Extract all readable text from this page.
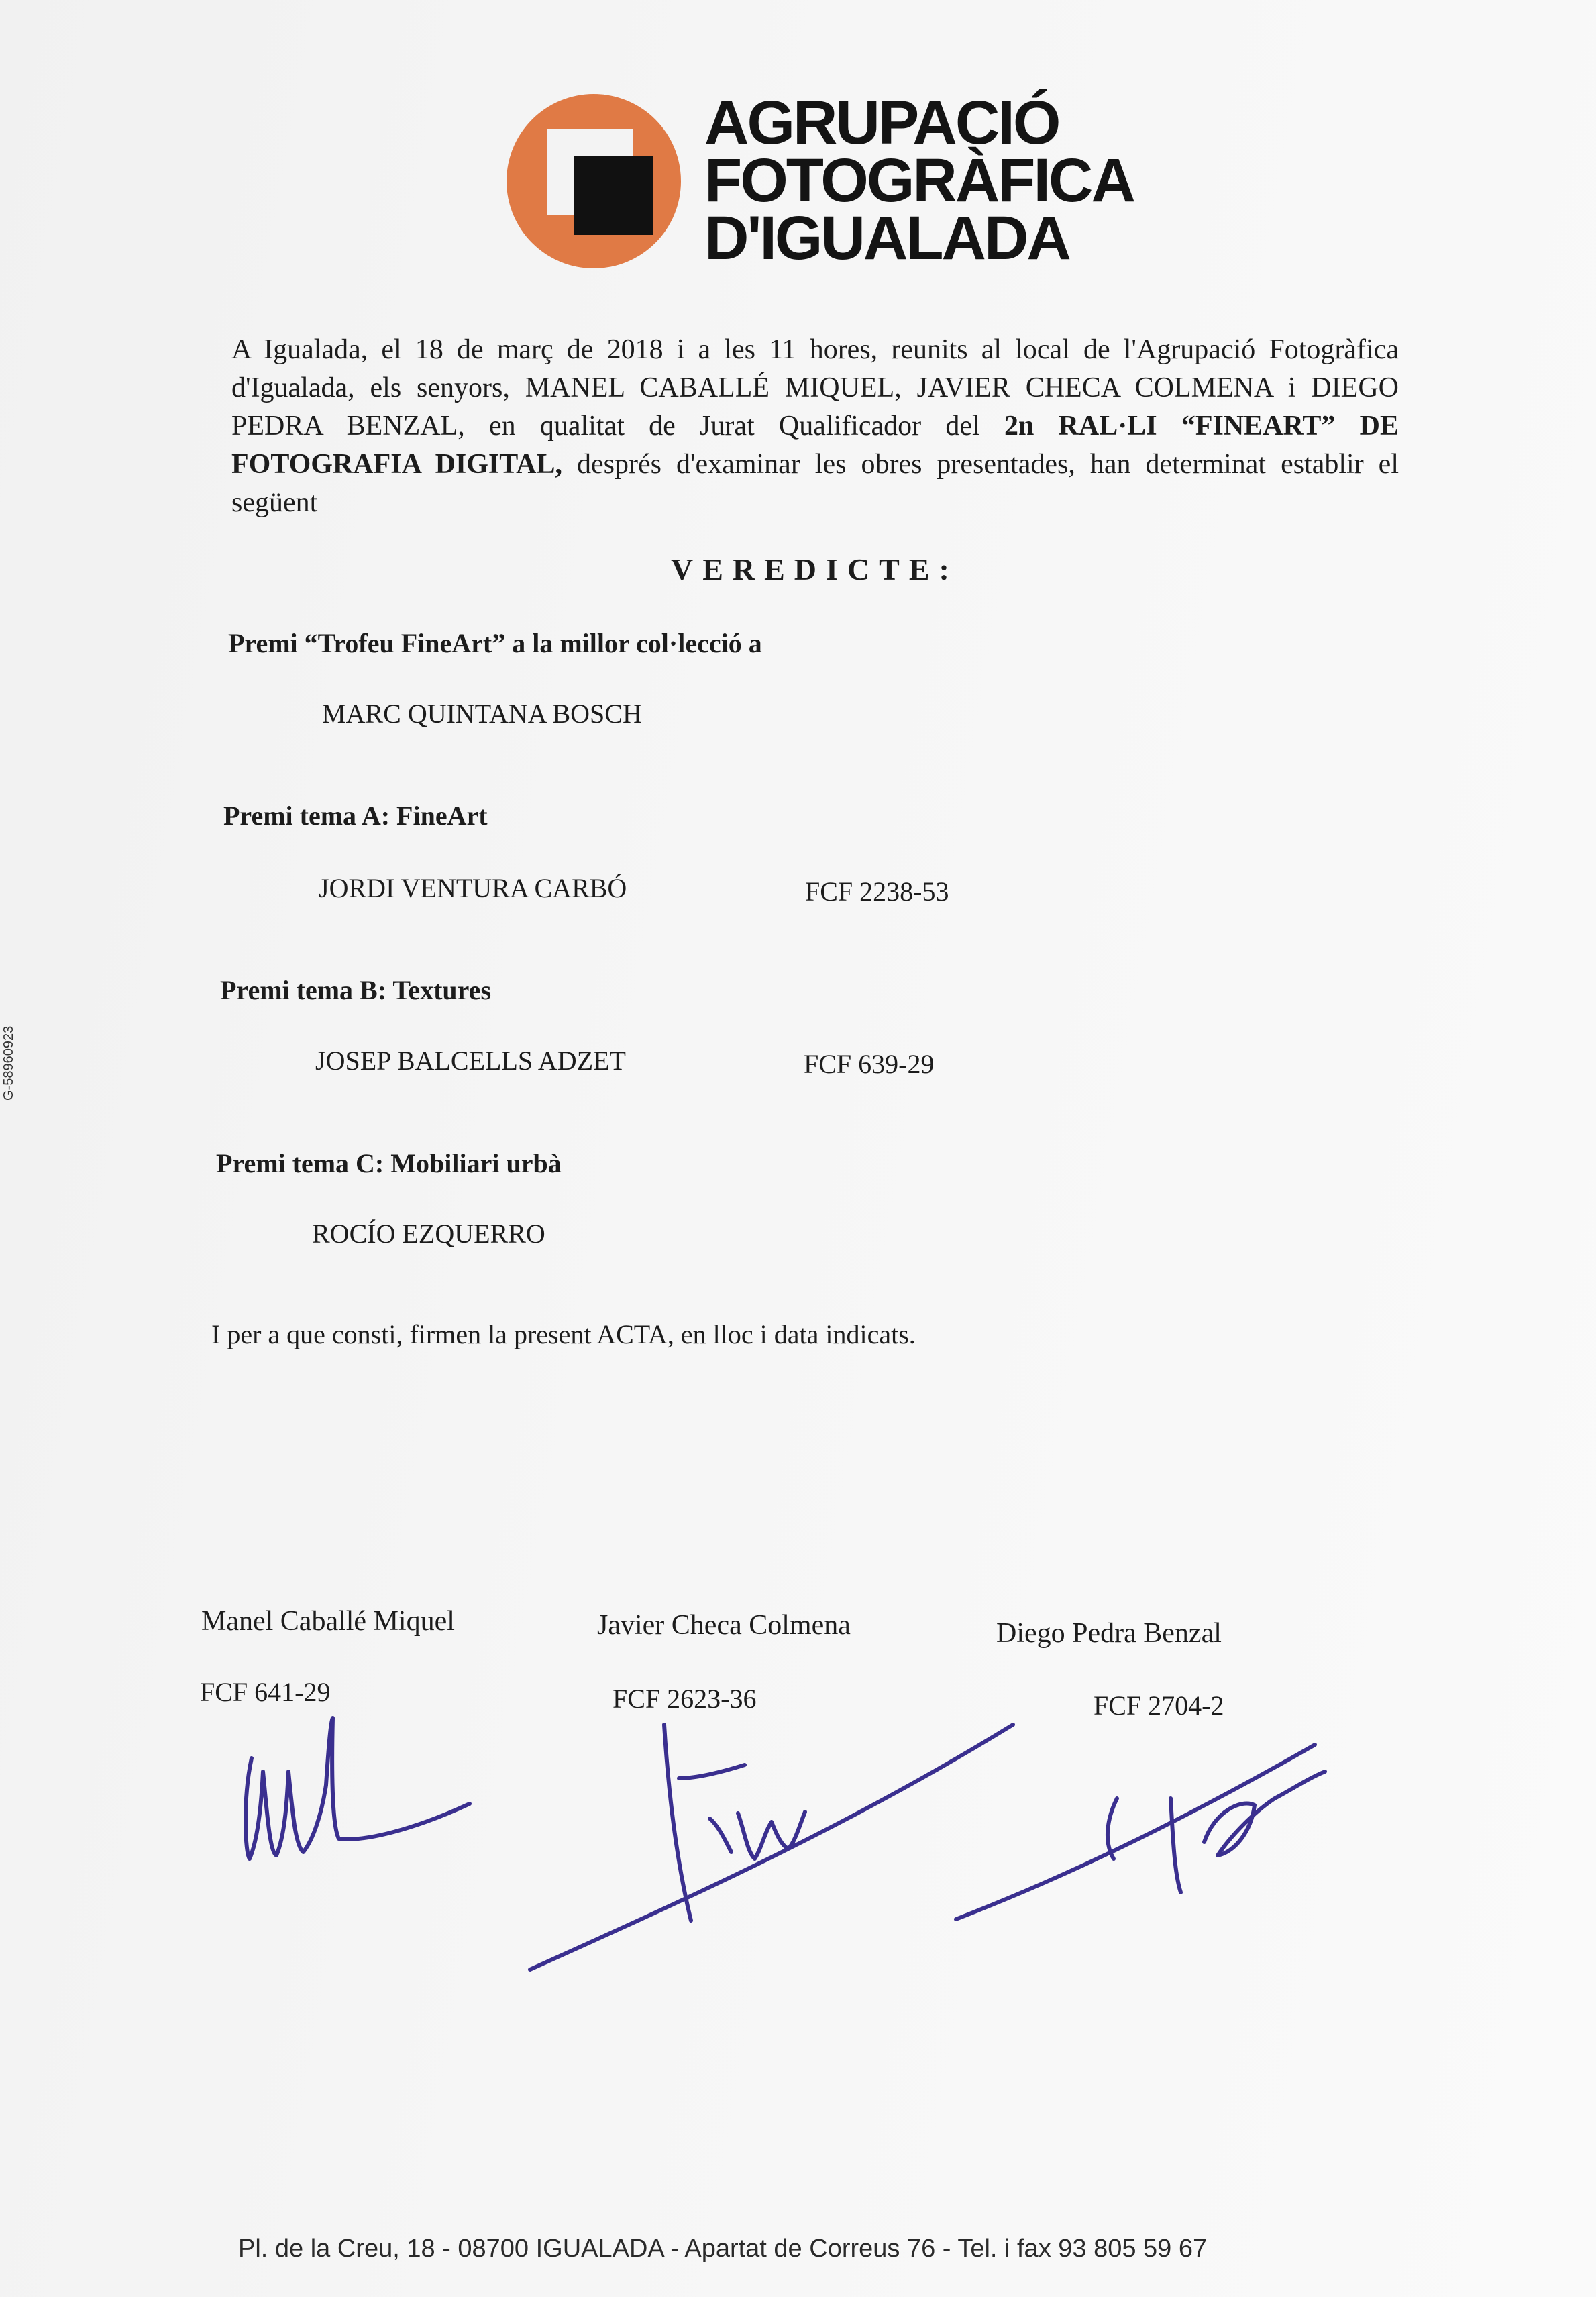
AGRUPACIÓ
FOTOGRÀFICA
D'IGUALADA
A Igualada, el 18 de març de 2018 i a les 11 hores, reunits al local de l'Agrupació Fotogràfica d'Igualada, els senyors, MANEL CABALLÉ MIQUEL, JAVIER CHECA COLMENA i DIEGO PEDRA BENZAL, en qualitat de Jurat Qualificador del 2n RAL·LI “FINEART” DE FOTOGRAFIA DIGITAL, després d'examinar les obres presentades, han determinat establir el següent
VEREDICTE:
Premi “Trofeu FineArt” a la millor col·lecció a
MARC QUINTANA BOSCH
Premi tema A: FineArt
JORDI VENTURA CARBÓ	FCF 2238-53
Premi tema B: Textures
JOSEP BALCELLS ADZET	FCF 639-29
Premi tema C: Mobiliari urbà
ROCÍO EZQUERRO
I per a que consti, firmen la present ACTA, en lloc i data indicats.
Manel Caballé Miquel
FCF 641-29
Javier Checa Colmena
FCF 2623-36
Diego Pedra Benzal
FCF 2704-2
Pl. de la Creu, 18 - 08700 IGUALADA - Apartat de Correus 76 - Tel. i fax 93 805 59 67
G-58960923
